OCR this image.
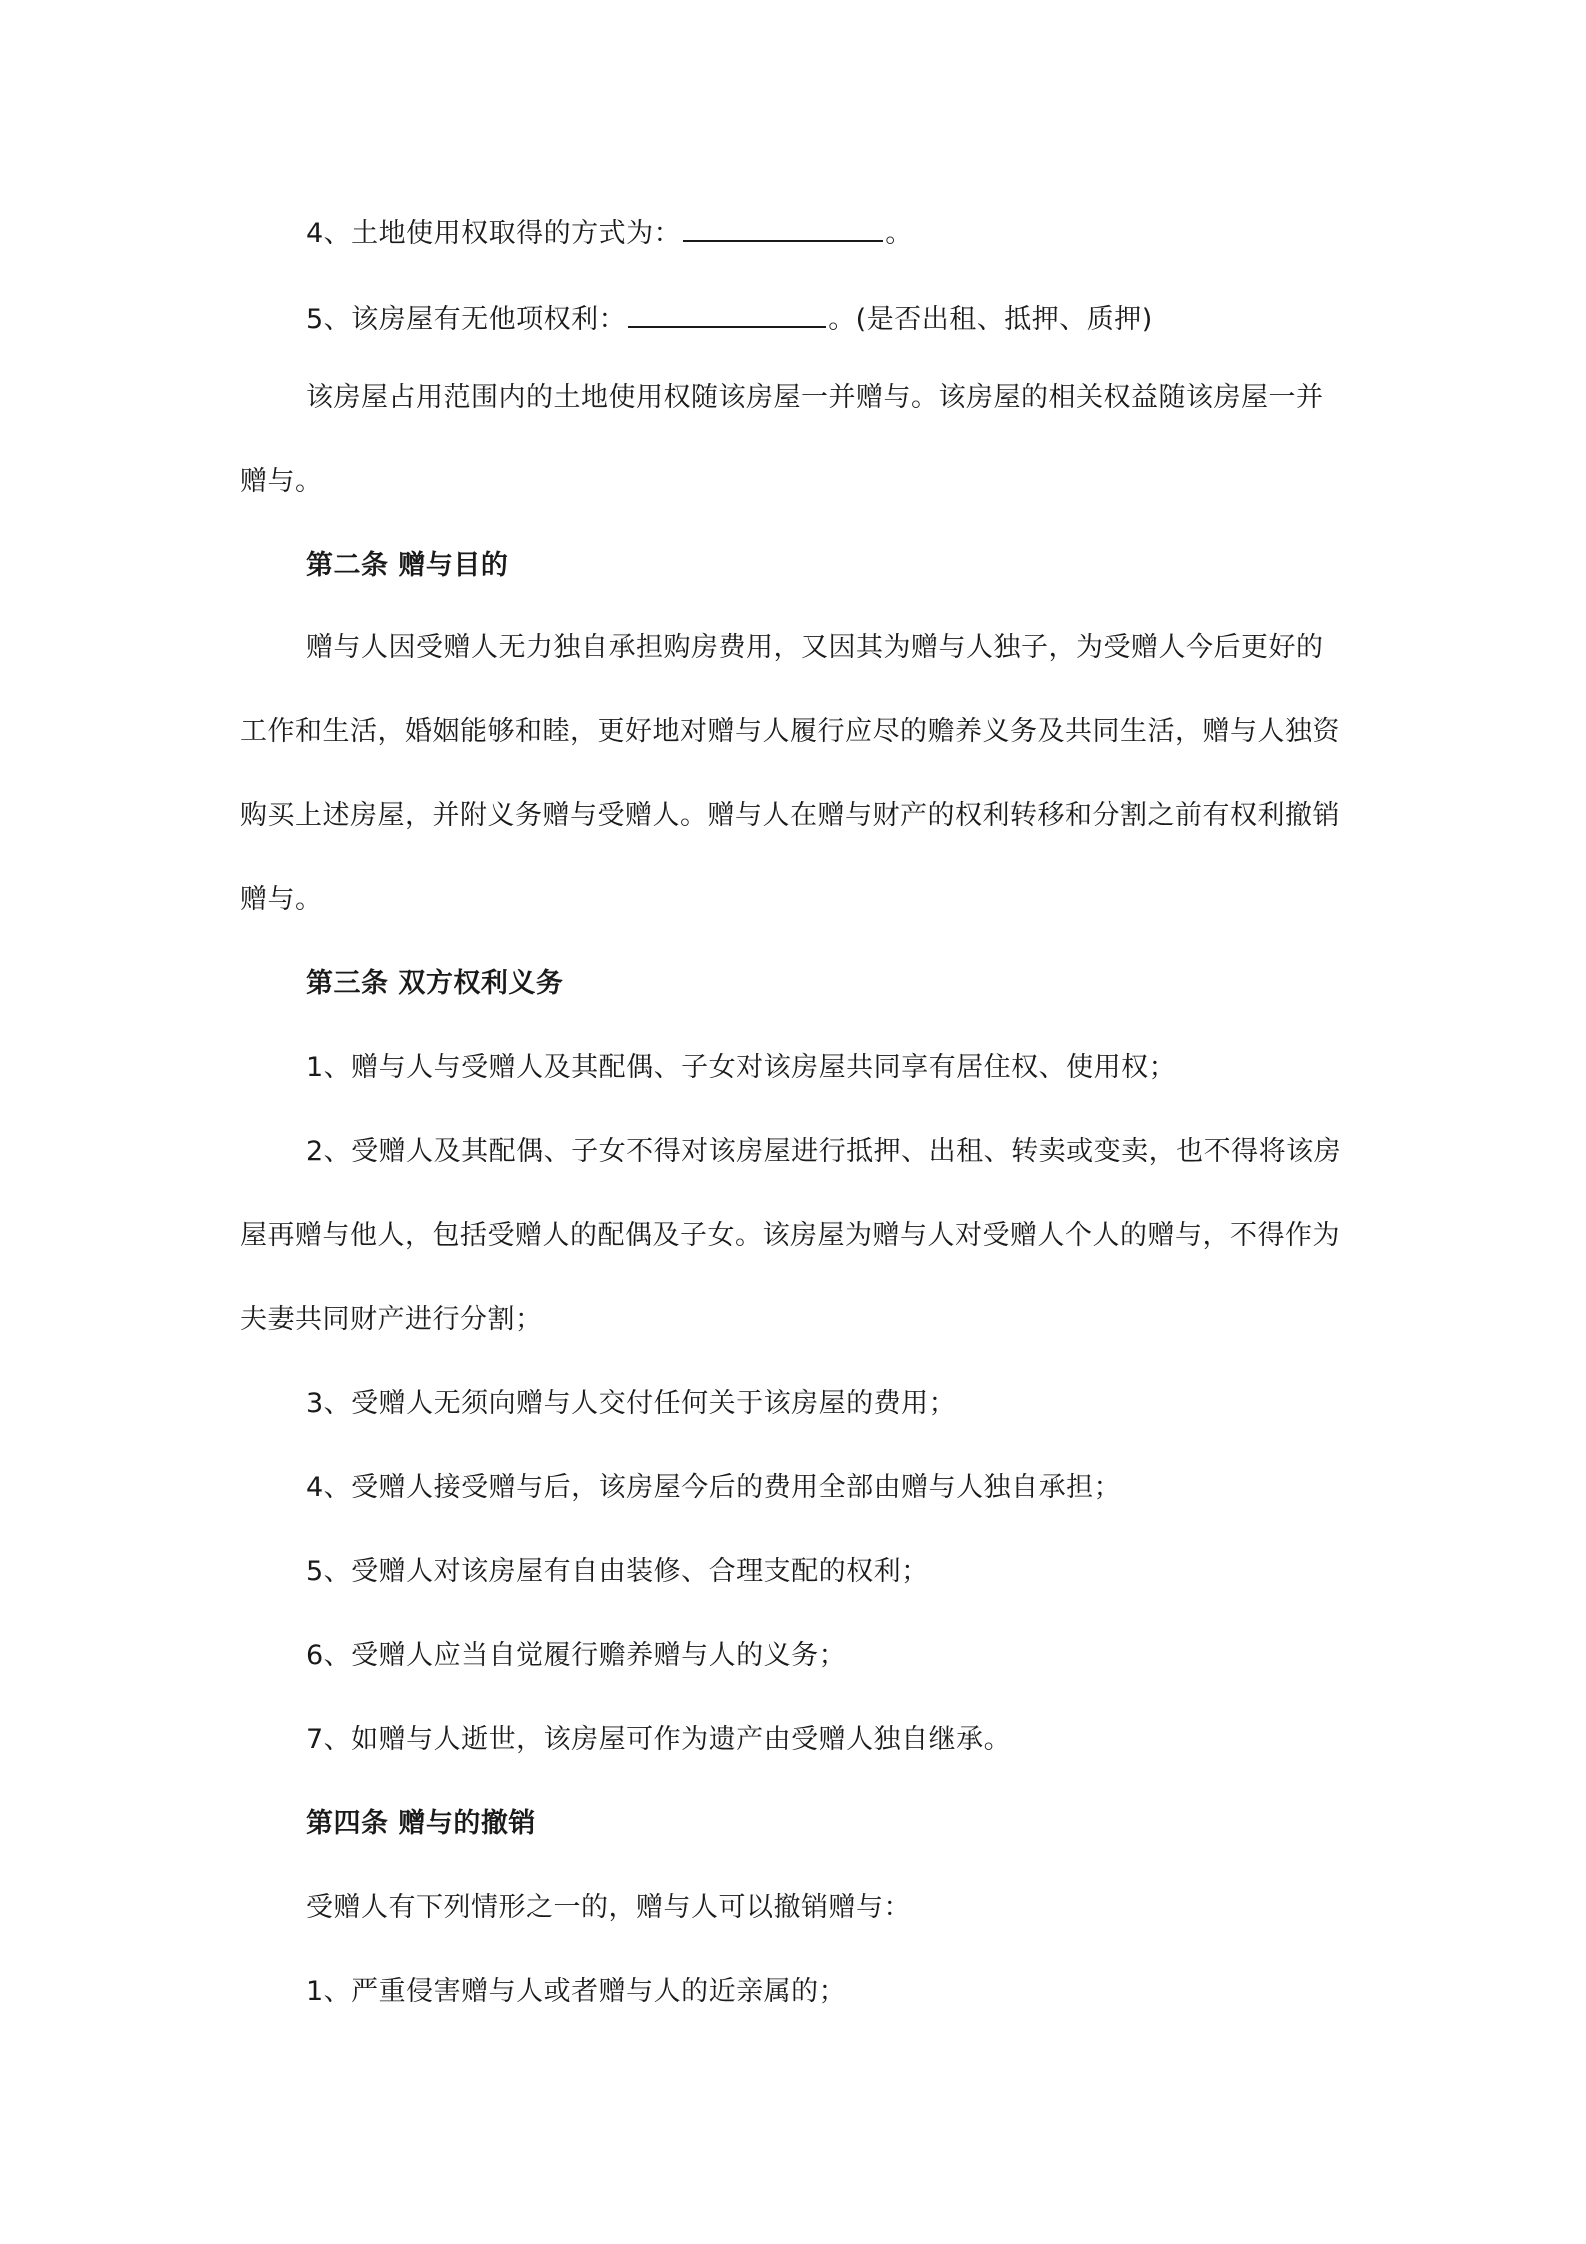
4、土地使用权取得的方式为：	。
5、该房屋有无他项权利：	。(是否出租、抵押、质押)
该房屋占用范围内的土地使用权随该房屋一并赠与。该房屋的相关权益随该房屋一并
赠与。
第二条 赠与目的
赠与人因受赠人无力独自承担购房费用，又因其为赠与人独子，为受赠人今后更好的
工作和生活，婚姻能够和睦，更好地对赠与人履行应尽的赡养义务及共同生活，赠与人独资
购买上述房屋，并附义务赠与受赠人。赠与人在赠与财产的权利转移和分割之前有权利撤销
赠与。
第三条 双方权利义务
1、赠与人与受赠人及其配偶、子女对该房屋共同享有居住权、使用权；
2、受赠人及其配偶、子女不得对该房屋进行抵押、出租、转卖或变卖，也不得将该房
屋再赠与他人，包括受赠人的配偶及子女。该房屋为赠与人对受赠人个人的赠与，不得作为
夫妻共同财产进行分割；
3、受赠人无须向赠与人交付任何关于该房屋的费用；
4、受赠人接受赠与后，该房屋今后的费用全部由赠与人独自承担；
5、受赠人对该房屋有自由装修、合理支配的权利；
6、受赠人应当自觉履行赡养赠与人的义务；
7、如赠与人逝世，该房屋可作为遗产由受赠人独自继承。
第四条 赠与的撤销
受赠人有下列情形之一的，赠与人可以撤销赠与：
1、严重侵害赠与人或者赠与人的近亲属的；
